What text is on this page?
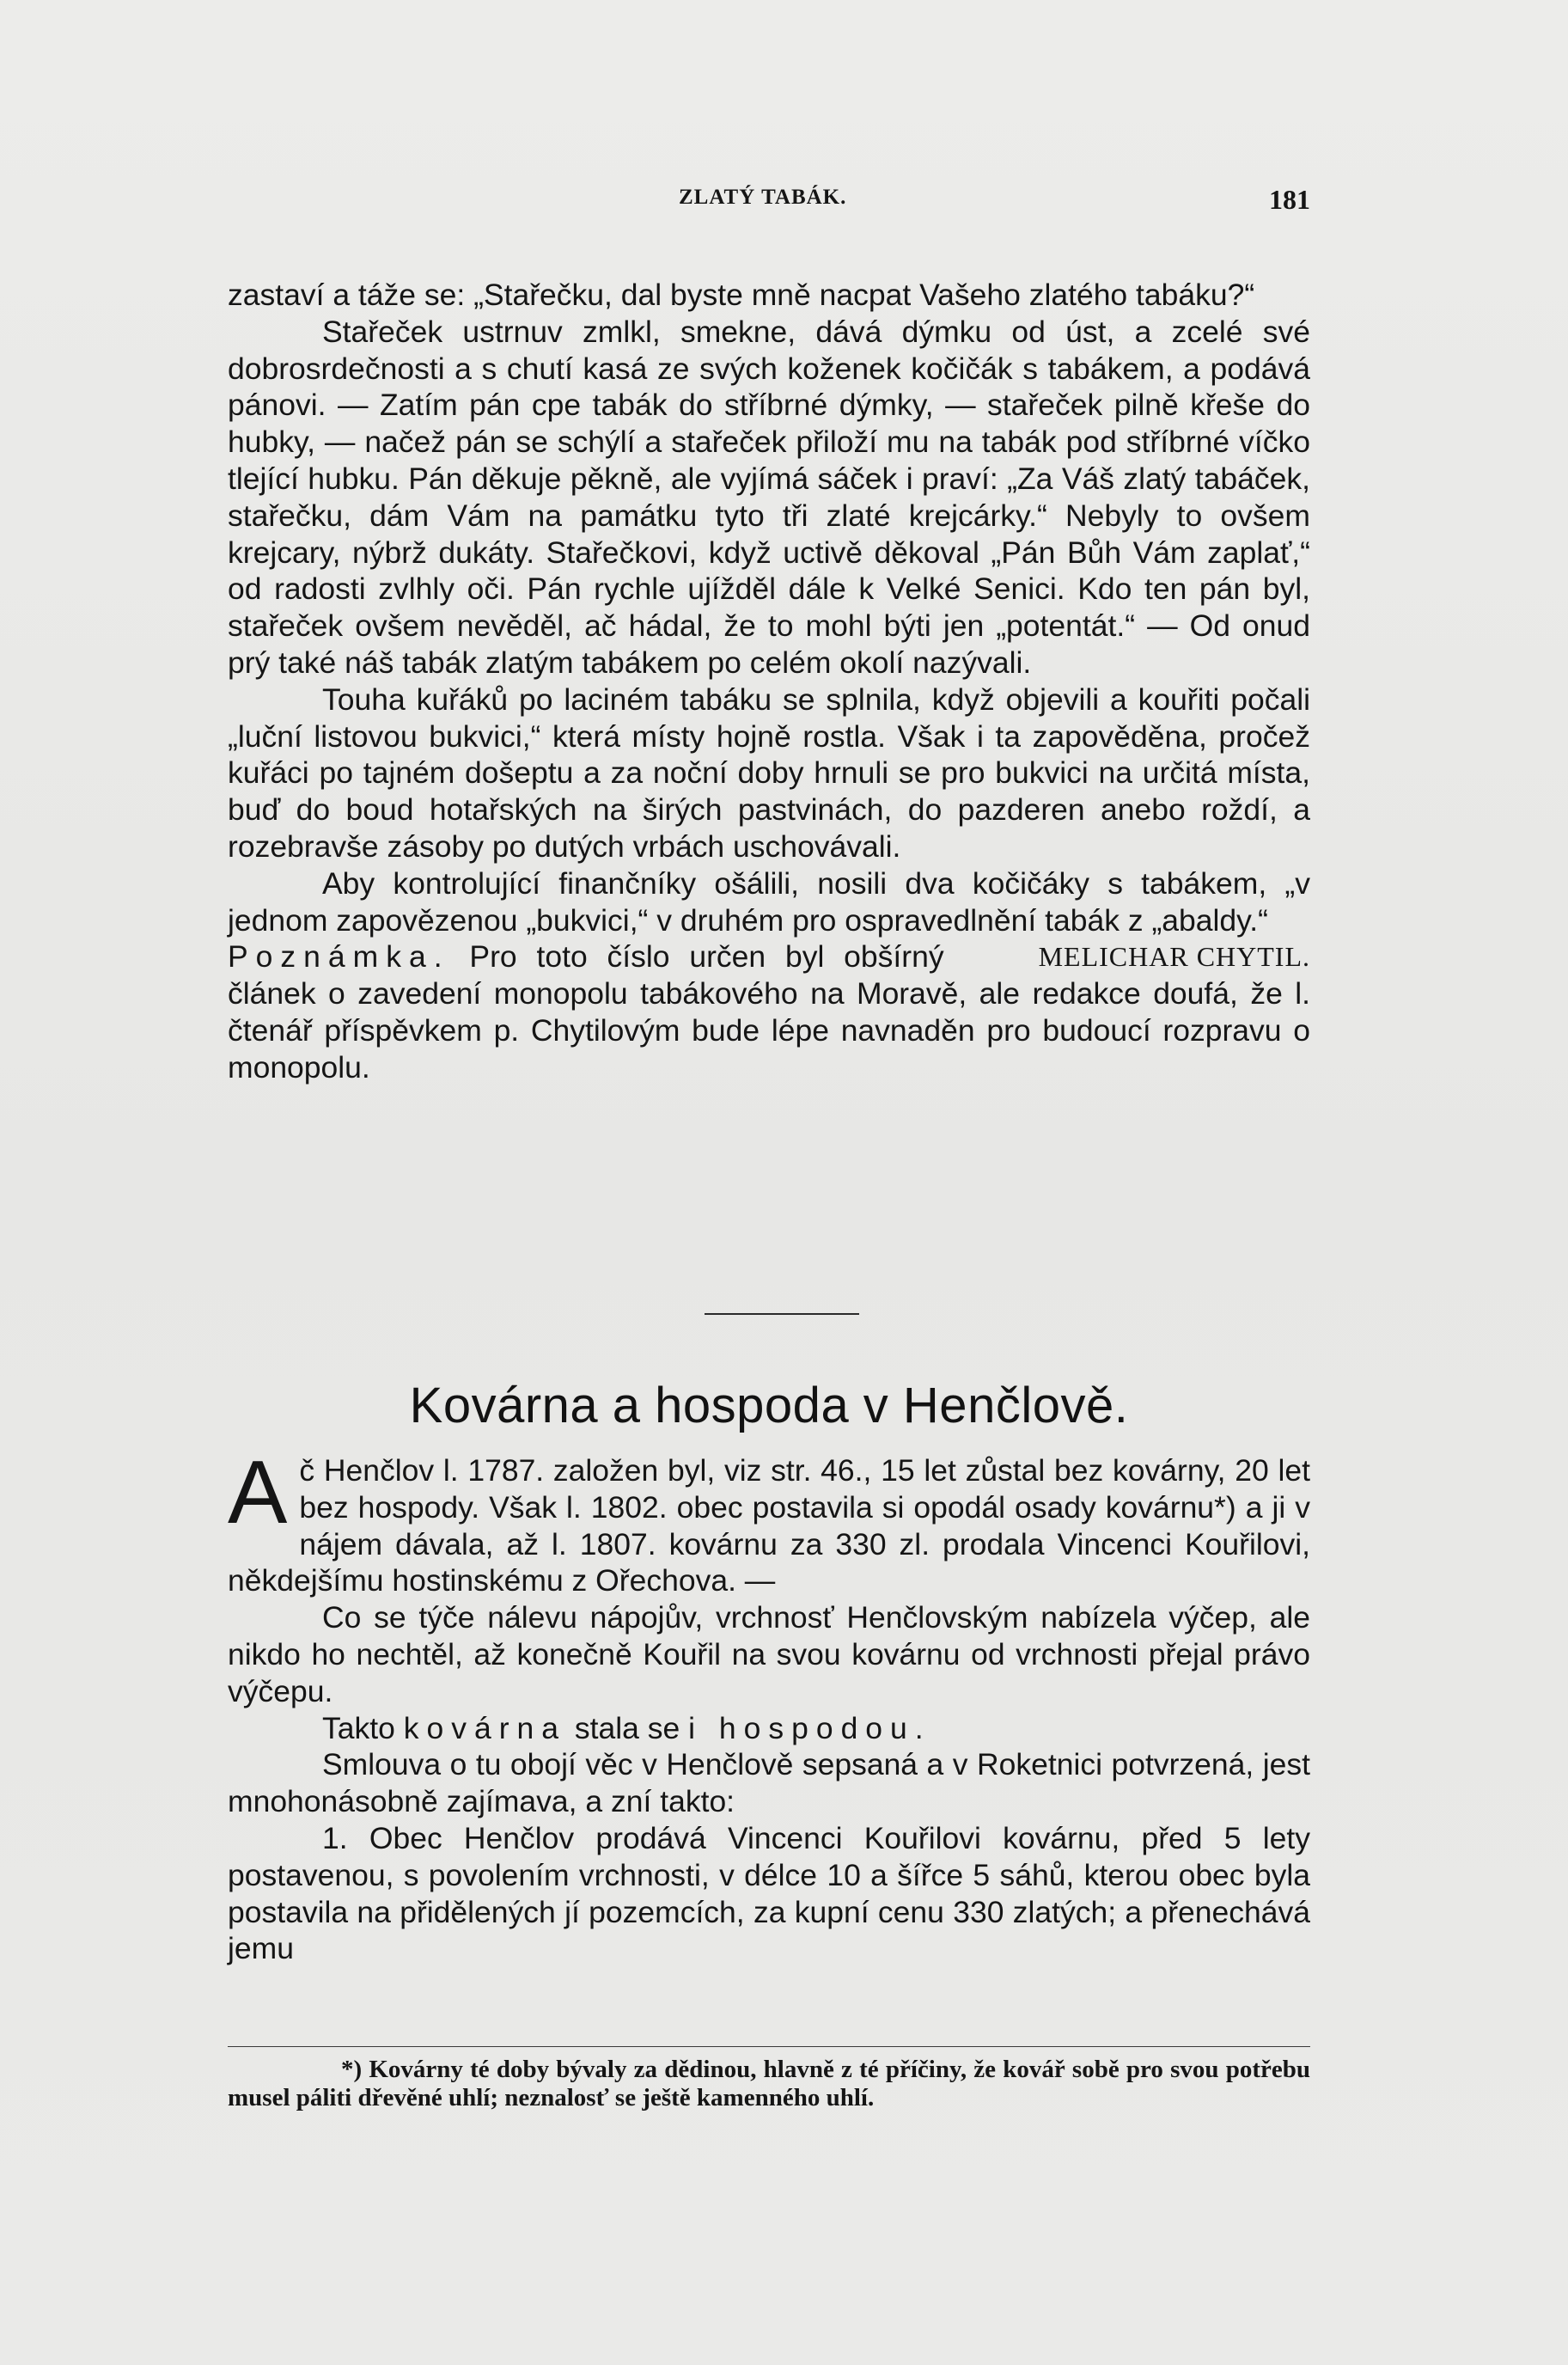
ZLATÝ TABÁK.	181

zastaví a táže se: „Stařečku, dal byste mně nacpat Vašeho zlatého tabáku?“

Stařeček ustrnuv zmlkl, smekne, dává dýmku od úst, a zcelé své dobrosrdečnosti a s chutí kasá ze svých koženek kočičák s tabákem, a podává pánovi. — Zatím pán cpe tabák do stříbrné dýmky, — stařeček pilně křeše do hubky, — načež pán se schýlí a stařeček přiloží mu na tabák pod stříbrné víčko tlející hubku. Pán děkuje pěkně, ale vyjímá sáček i praví: „Za Váš zlatý tabáček, stařečku, dám Vám na památku tyto tři zlaté krejcárky.“ Nebyly to ovšem krejcary, nýbrž dukáty. Stařečkovi, když uctivě děkoval „Pán Bůh Vám zaplať,“ od radosti zvlhly oči. Pán rychle ujížděl dále k Velké Senici. Kdo ten pán byl, stařeček ovšem nevěděl, ač hádal, že to mohl býti jen „potentát.“ — Od onud prý také náš tabák zlatým tabákem po celém okolí nazývali.

Touha kuřáků po laciném tabáku se splnila, když objevili a kouřiti počali „luční listovou bukvici,“ která místy hojně rostla. Však i ta zapověděna, pročež kuřáci po tajném došeptu a za noční doby hrnuli se pro bukvici na určitá místa, buď do boud hotařských na širých pastvinách, do pazderen anebo roždí, a rozebravše zásoby po dutých vrbách uschovávali.

Aby kontrolující finančníky ošálili, nosili dva kočičáky s tabákem, „v jednom zapovězenou „bukvici,“ v druhém pro ospravedlnění tabák z „abaldy.“
MELICHAR CHYTIL.

Poznámka. Pro toto číslo určen byl obšírný článek o zavedení monopolu tabákového na Moravě, ale redakce doufá, že l. čtenář příspěvkem p. Chytilovým bude lépe navnaděn pro budoucí rozpravu o monopolu.

Kovárna a hospoda v Henčlově.

Ač Henčlov l. 1787. založen byl, viz str. 46., 15 let zůstal bez kovárny, 20 let bez hospody. Však l. 1802. obec postavila si opodál osady kovárnu*) a ji v nájem dávala, až l. 1807. kovárnu za 330 zl. prodala Vincenci Kouřilovi, někdejšímu hostinskému z Ořechova. —

Co se týče nálevu nápojův, vrchnosť Henčlovským nabízela výčep, ale nikdo ho nechtěl, až konečně Kouřil na svou kovárnu od vrchnosti přejal právo výčepu.

Takto kovárna stala se i hospodou.

Smlouva o tu obojí věc v Henčlově sepsaná a v Roketnici potvrzená, jest mnohonásobně zajímava, a zní takto:

1. Obec Henčlov prodává Vincenci Kouřilovi kovárnu, před 5 lety postavenou, s povolením vrchnosti, v délce 10 a šířce 5 sáhů, kterou obec byla postavila na přidělených jí pozemcích, za kupní cenu 330 zlatých; a přenechává jemu

*) Kovárny té doby bývaly za dědinou, hlavně z té příčiny, že kovář sobě pro svou potřebu musel páliti dřevěné uhlí; neznalosť se ještě kamenného uhlí.
